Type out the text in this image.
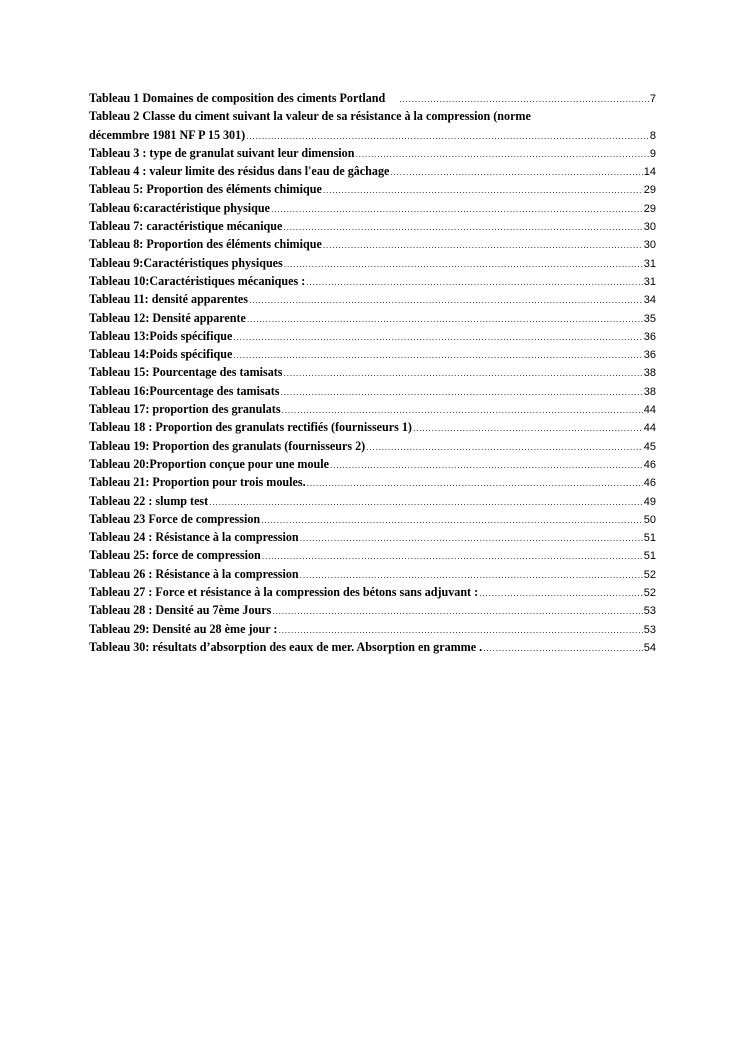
Tableau 1 Domaines de composition des ciments Portland .....	7
Tableau 2 Classe du ciment suivant la valeur de sa résistance à la compression (norme
décemmbre 1981 NF P 15 301) .....	8
Tableau 3 : type de granulat suivant leur dimension .....	9
Tableau 4 : valeur limite des résidus dans l'eau de gâchage .....	14
Tableau 5: Proportion des éléments chimique .....	29
Tableau 6:caractéristique physique .....	29
Tableau 7: caractéristique mécanique .....	30
Tableau 8: Proportion des éléments chimique .....	30
Tableau 9:Caractéristiques physiques .....	31
Tableau 10:Caractéristiques mécaniques : .....	31
Tableau 11: densité apparentes .....	34
Tableau 12: Densité apparente .....	35
Tableau 13:Poids spécifique .....	36
Tableau 14:Poids spécifique .....	36
Tableau 15: Pourcentage des tamisats .....	38
Tableau 16:Pourcentage des tamisats .....	38
Tableau 17: proportion des granulats .....	44
Tableau 18 : Proportion des granulats rectifiés (fournisseurs 1) .....	44
Tableau 19: Proportion des granulats (fournisseurs 2) .....	45
Tableau 20:Proportion conçue pour une moule .....	46
Tableau 21: Proportion pour trois moules. .....	46
Tableau 22 : slump test .....	49
Tableau 23 Force de compression .....	50
Tableau 24 : Résistance à la compression .....	51
Tableau 25: force de compression .....	51
Tableau 26 : Résistance à la compression .....	52
Tableau 27 : Force et résistance à la compression des bétons sans adjuvant : .....	52
Tableau 28 : Densité au 7ème Jours .....	53
Tableau 29: Densité au 28 ème jour : .....	53
Tableau 30: résultats d’absorption des eaux de mer. Absorption en gramme . .....	54
